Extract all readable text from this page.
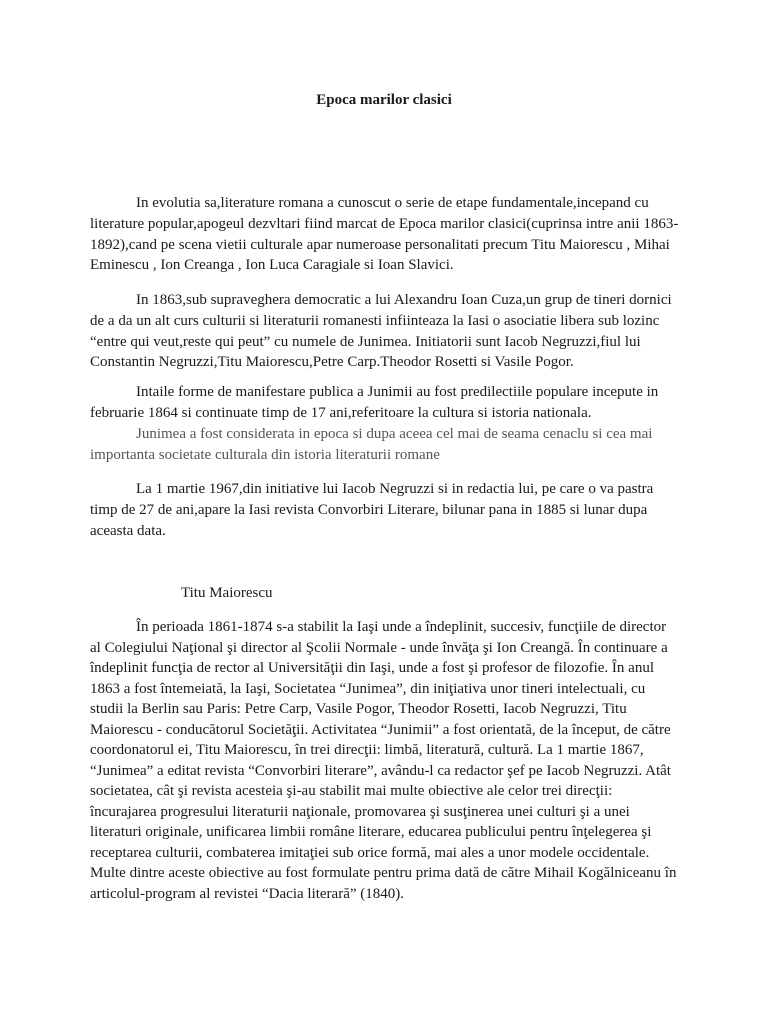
Epoca marilor clasici

In evolutia sa,literature romana a cunoscut o serie de etape fundamentale,incepand cu literature popular,apogeul dezvltari fiind marcat de Epoca marilor clasici(cuprinsa intre anii 1863-1892),cand pe scena vietii culturale apar numeroase personalitati precum Titu Maiorescu , Mihai Eminescu , Ion Creanga , Ion Luca Caragiale si Ioan Slavici.

In 1863,sub supraveghera democratic a lui Alexandru Ioan Cuza,un grup de tineri dornici de a da un alt curs culturii si literaturii romanesti infiinteaza la Iasi o asociatie libera sub lozinc “entre qui veut,reste qui peut” cu numele de Junimea. Initiatorii sunt Iacob Negruzzi,fiul lui Constantin Negruzzi,Titu Maiorescu,Petre Carp.Theodor Rosetti si Vasile Pogor.

Intaile forme de manifestare publica a Junimii au fost predilectiile populare incepute in februarie 1864 si continuate timp de 17 ani,referitoare la cultura si istoria nationala.

Junimea a fost considerata in epoca si dupa aceea cel mai de seama cenaclu si cea mai importanta societate culturala din istoria literaturii romane

La 1 martie 1967,din initiative lui Iacob Negruzzi si in redactia lui, pe care o va pastra timp de 27 de ani,apare la Iasi revista Convorbiri Literare, bilunar pana in 1885 si lunar dupa aceasta data.

Titu Maiorescu

În perioada 1861-1874 s-a stabilit la Iaşi unde a îndeplinit, succesiv, funcţiile de director al Colegiului Naţional şi director al Şcolii Normale - unde învăţa şi Ion Creangă. În continuare a îndeplinit funcţia de rector al Universităţii din Iaşi, unde a fost şi profesor de filozofie. În anul 1863 a fost întemeiată, la Iaşi, Societatea “Junimea”, din iniţiativa unor tineri intelectuali, cu studii la Berlin sau Paris: Petre Carp, Vasile Pogor, Theodor Rosetti, Iacob Negruzzi, Titu Maiorescu - conducătorul Societăţii. Activitatea “Junimii” a fost orientată, de la început, de către coordonatorul ei, Titu Maiorescu, în trei direcţii: limbă, literatură, cultură. La 1 martie 1867, “Junimea” a editat revista “Convorbiri literare”, avându-l ca redactor şef pe Iacob Negruzzi. Atât societatea, cât şi revista acesteia şi-au stabilit mai multe obiective ale celor trei direcţii: încurajarea progresului literaturii naţionale, promovarea şi susţinerea unei culturi şi a unei literaturi originale, unificarea limbii române literare, educarea publicului pentru înţelegerea şi receptarea culturii, combaterea imitaţiei sub orice formă, mai ales a unor modele occidentale. Multe dintre aceste obiective au fost formulate pentru prima dată de către Mihail Kogălniceanu în articolul-program al revistei “Dacia literară” (1840).
